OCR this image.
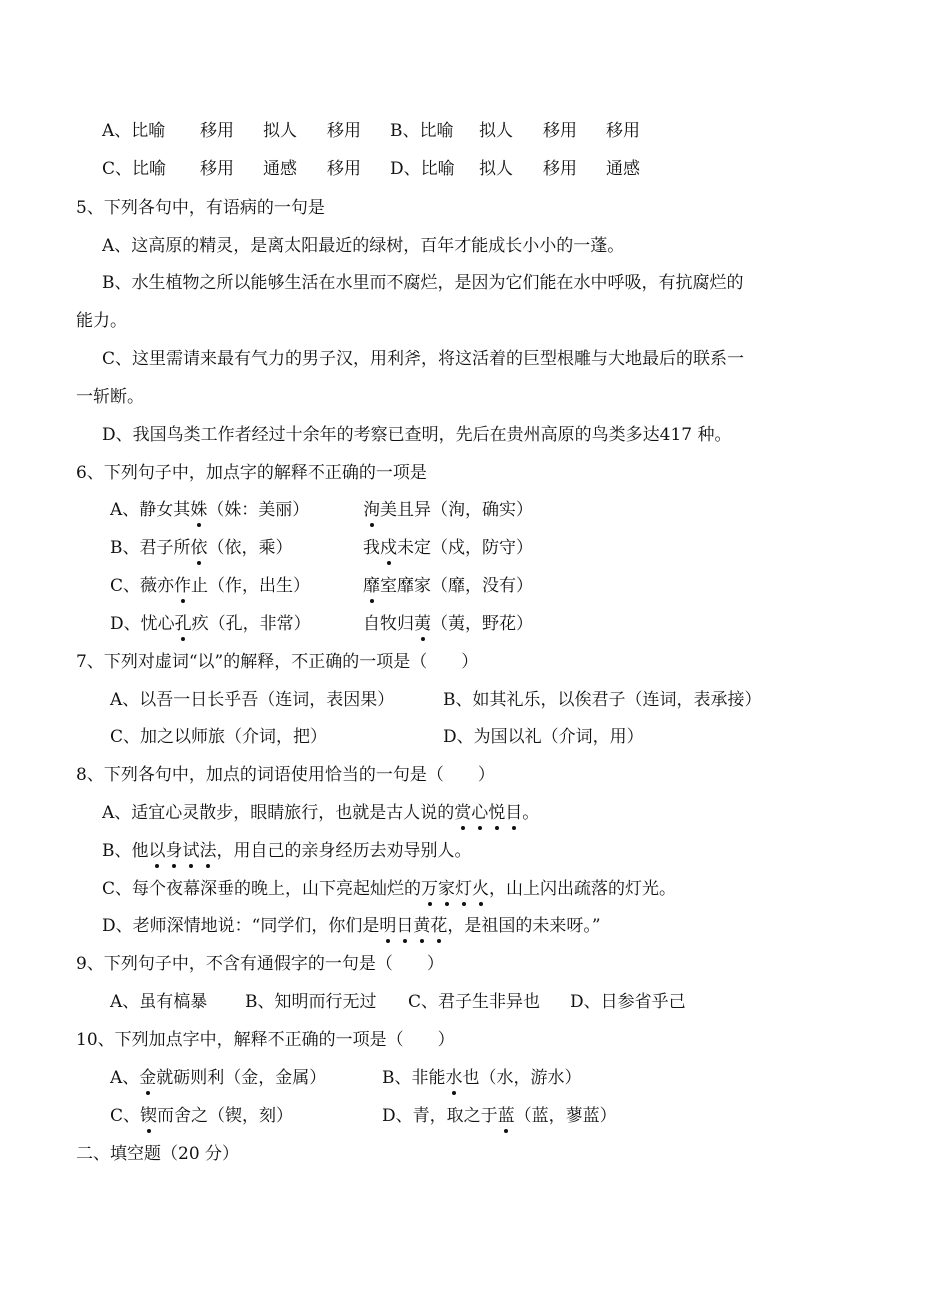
A、比喻 移用 拟人 移用 B、比喻 拟人 移用 移用
C、比喻 移用 通感 移用 D、比喻 拟人 移用 通感
5、下列各句中，有语病的一句是
A、这高原的精灵，是离太阳最近的绿树，百年才能成长小小的一蓬。
B、水生植物之所以能够生活在水里而不腐烂，是因为它们能在水中呼吸，有抗腐烂的
能力。
C、这里需请来最有气力的男子汉，用利斧，将这活着的巨型根雕与大地最后的联系一
一斩断。
D、我国鸟类工作者经过十余年的考察已查明，先后在贵州高原的鸟类多达417 种。
6、下列句子中，加点字的解释不正确的一项是
A、静女其姝（姝：美丽）	洵美且异（洵，确实）
B、君子所依（依，乘）	我戍未定（戍，防守）
C、薇亦作止（作，出生）	靡室靡家（靡，没有）
D、忧心孔疚（孔，非常）	自牧归荑（荑，野花）
7、下列对虚词“以”的解释，不正确的一项是（　　）
A、以吾一日长乎吾（连词，表因果）	B、如其礼乐，以俟君子（连词，表承接）
C、加之以师旅（介词，把）	D、为国以礼（介词，用）
8、下列各句中，加点的词语使用恰当的一句是（　　）
A、适宜心灵散步，眼睛旅行，也就是古人说的赏心悦目。
B、他以身试法，用自己的亲身经历去劝导别人。
C、每个夜幕深垂的晚上，山下亮起灿烂的万家灯火，山上闪出疏落的灯光。
D、老师深情地说：“同学们，你们是明日黄花，是祖国的未来呀。”
9、下列句子中，不含有通假字的一句是（　　）
A、虽有槁暴 B、知明而行无过 C、君子生非异也 D、日参省乎己
10、下列加点字中，解释不正确的一项是（　　）
A、金就砺则利（金，金属）	B、非能水也（水，游水）
C、锲而舍之（锲，刻）	D、青，取之于蓝（蓝，蓼蓝）
二、填空题（20 分）
